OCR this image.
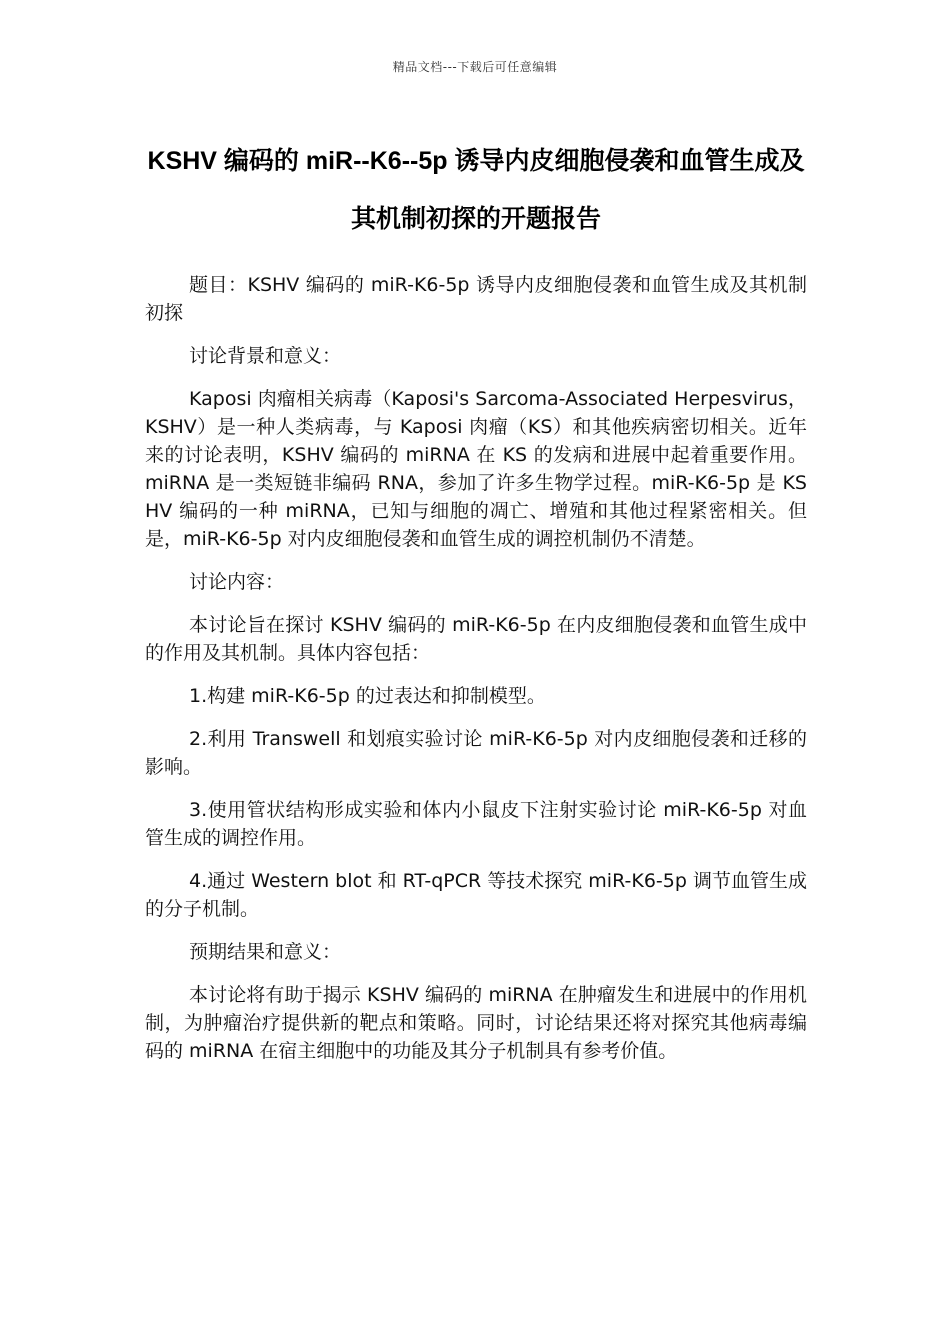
精品文档---下载后可任意编辑
KSHV 编码的 miR--K6--5p 诱导内皮细胞侵袭和血管生成及其机制初探的开题报告

题目：KSHV 编码的 miR-K6-5p 诱导内皮细胞侵袭和血管生成及其机制初探

讨论背景和意义：

Kaposi 肉瘤相关病毒（Kaposi's Sarcoma-Associated Herpesvirus，KSHV）是一种人类病毒，与 Kaposi 肉瘤（KS）和其他疾病密切相关。近年来的讨论表明，KSHV 编码的 miRNA 在 KS 的发病和进展中起着重要作用。miRNA 是一类短链非编码 RNA，参加了许多生物学过程。miR-K6-5p 是 KSHV 编码的一种 miRNA，已知与细胞的凋亡、增殖和其他过程紧密相关。但是，miR-K6-5p 对内皮细胞侵袭和血管生成的调控机制仍不清楚。

讨论内容：

本讨论旨在探讨 KSHV 编码的 miR-K6-5p 在内皮细胞侵袭和血管生成中的作用及其机制。具体内容包括：

1.构建 miR-K6-5p 的过表达和抑制模型。

2.利用 Transwell 和划痕实验讨论 miR-K6-5p 对内皮细胞侵袭和迁移的影响。

3.使用管状结构形成实验和体内小鼠皮下注射实验讨论 miR-K6-5p 对血管生成的调控作用。

4.通过 Western blot 和 RT-qPCR 等技术探究 miR-K6-5p 调节血管生成的分子机制。

预期结果和意义：

本讨论将有助于揭示 KSHV 编码的 miRNA 在肿瘤发生和进展中的作用机制，为肿瘤治疗提供新的靶点和策略。同时，讨论结果还将对探究其他病毒编码的 miRNA 在宿主细胞中的功能及其分子机制具有参考价值。
